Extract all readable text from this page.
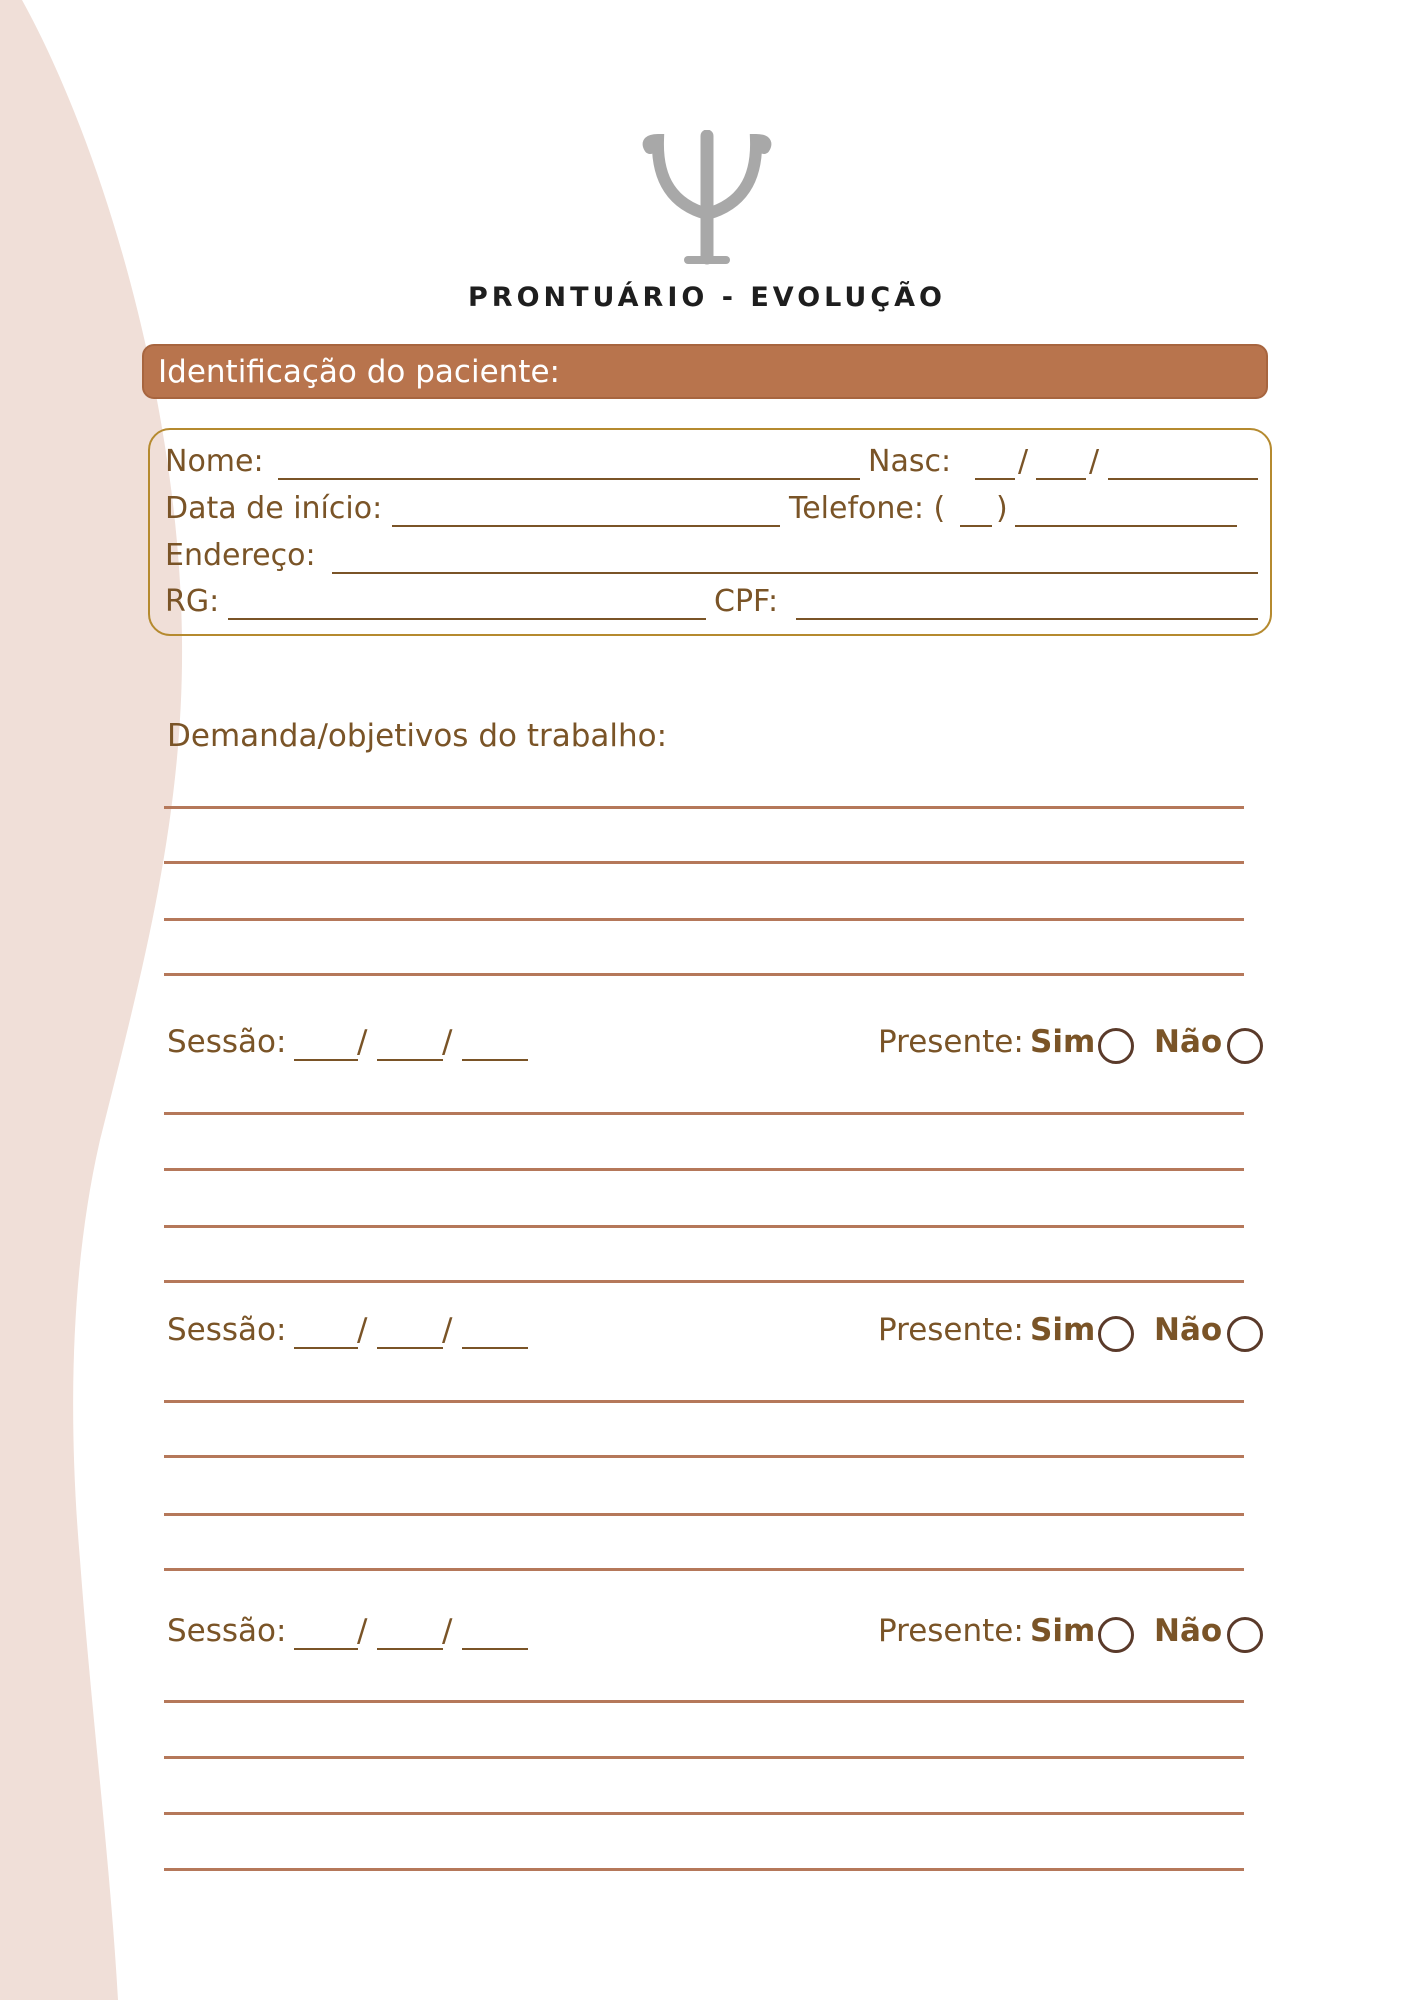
PRONTUÁRIO - EVOLUÇÃO
Identificação do paciente:
Nome:	Nasc: / /
Data de início:	Telefone: ( )
Endereço:
RG:	CPF:
Demanda/objetivos do trabalho:
Sessão: / /	Presente: Sim Não
Sessão: / /	Presente: Sim Não
Sessão: / /	Presente: Sim Não
